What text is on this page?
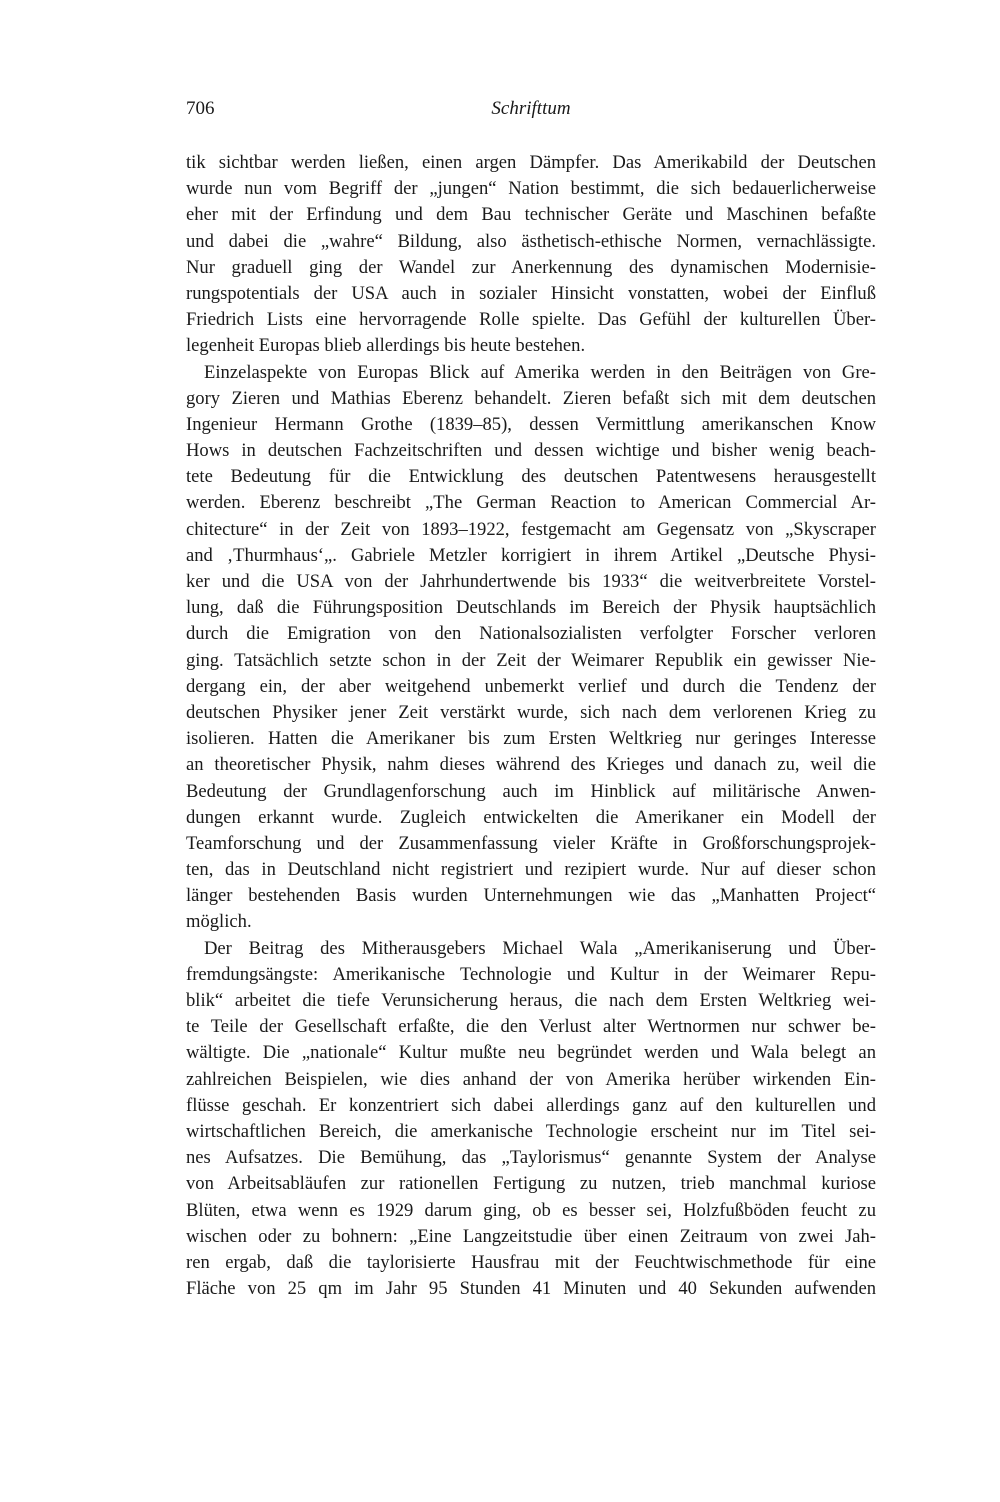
706	Schrifttum
tik sichtbar werden ließen, einen argen Dämpfer. Das Amerikabild der Deutschen
wurde nun vom Begriff der „jungen“ Nation bestimmt, die sich bedauerlicherweise
eher mit der Erfindung und dem Bau technischer Geräte und Maschinen befaßte
und dabei die „wahre“ Bildung, also ästhetisch-ethische Normen, vernachlässigte.
Nur graduell ging der Wandel zur Anerkennung des dynamischen Modernisie-
rungspotentials der USA auch in sozialer Hinsicht vonstatten, wobei der Einfluß
Friedrich Lists eine hervorragende Rolle spielte. Das Gefühl der kulturellen Über-
legenheit Europas blieb allerdings bis heute bestehen.
Einzelaspekte von Europas Blick auf Amerika werden in den Beiträgen von Gre-
gory Zieren und Mathias Eberenz behandelt. Zieren befaßt sich mit dem deutschen
Ingenieur Hermann Grothe (1839–85), dessen Vermittlung amerikanschen Know
Hows in deutschen Fachzeitschriften und dessen wichtige und bisher wenig beach-
tete Bedeutung für die Entwicklung des deutschen Patentwesens herausgestellt
werden. Eberenz beschreibt „The German Reaction to American Commercial Ar-
chitecture“ in der Zeit von 1893–1922, festgemacht am Gegensatz von „Skyscraper
and ‚Thurmhaus‘„. Gabriele Metzler korrigiert in ihrem Artikel „Deutsche Physi-
ker und die USA von der Jahrhundertwende bis 1933“ die weitverbreitete Vorstel-
lung, daß die Führungsposition Deutschlands im Bereich der Physik hauptsächlich
durch die Emigration von den Nationalsozialisten verfolgter Forscher verloren
ging. Tatsächlich setzte schon in der Zeit der Weimarer Republik ein gewisser Nie-
dergang ein, der aber weitgehend unbemerkt verlief und durch die Tendenz der
deutschen Physiker jener Zeit verstärkt wurde, sich nach dem verlorenen Krieg zu
isolieren. Hatten die Amerikaner bis zum Ersten Weltkrieg nur geringes Interesse
an theoretischer Physik, nahm dieses während des Krieges und danach zu, weil die
Bedeutung der Grundlagenforschung auch im Hinblick auf militärische Anwen-
dungen erkannt wurde. Zugleich entwickelten die Amerikaner ein Modell der
Teamforschung und der Zusammenfassung vieler Kräfte in Großforschungsprojek-
ten, das in Deutschland nicht registriert und rezipiert wurde. Nur auf dieser schon
länger bestehenden Basis wurden Unternehmungen wie das „Manhatten Project“
möglich.
Der Beitrag des Mitherausgebers Michael Wala „Amerikaniserung und Über-
fremdungsängste: Amerikanische Technologie und Kultur in der Weimarer Repu-
blik“ arbeitet die tiefe Verunsicherung heraus, die nach dem Ersten Weltkrieg wei-
te Teile der Gesellschaft erfaßte, die den Verlust alter Wertnormen nur schwer be-
wältigte. Die „nationale“ Kultur mußte neu begründet werden und Wala belegt an
zahlreichen Beispielen, wie dies anhand der von Amerika herüber wirkenden Ein-
flüsse geschah. Er konzentriert sich dabei allerdings ganz auf den kulturellen und
wirtschaftlichen Bereich, die amerkanische Technologie erscheint nur im Titel sei-
nes Aufsatzes. Die Bemühung, das „Taylorismus“ genannte System der Analyse
von Arbeitsabläufen zur rationellen Fertigung zu nutzen, trieb manchmal kuriose
Blüten, etwa wenn es 1929 darum ging, ob es besser sei, Holzfußböden feucht zu
wischen oder zu bohnern: „Eine Langzeitstudie über einen Zeitraum von zwei Jah-
ren ergab, daß die taylorisierte Hausfrau mit der Feuchtwischmethode für eine
Fläche von 25 qm im Jahr 95 Stunden 41 Minuten und 40 Sekunden aufwenden
